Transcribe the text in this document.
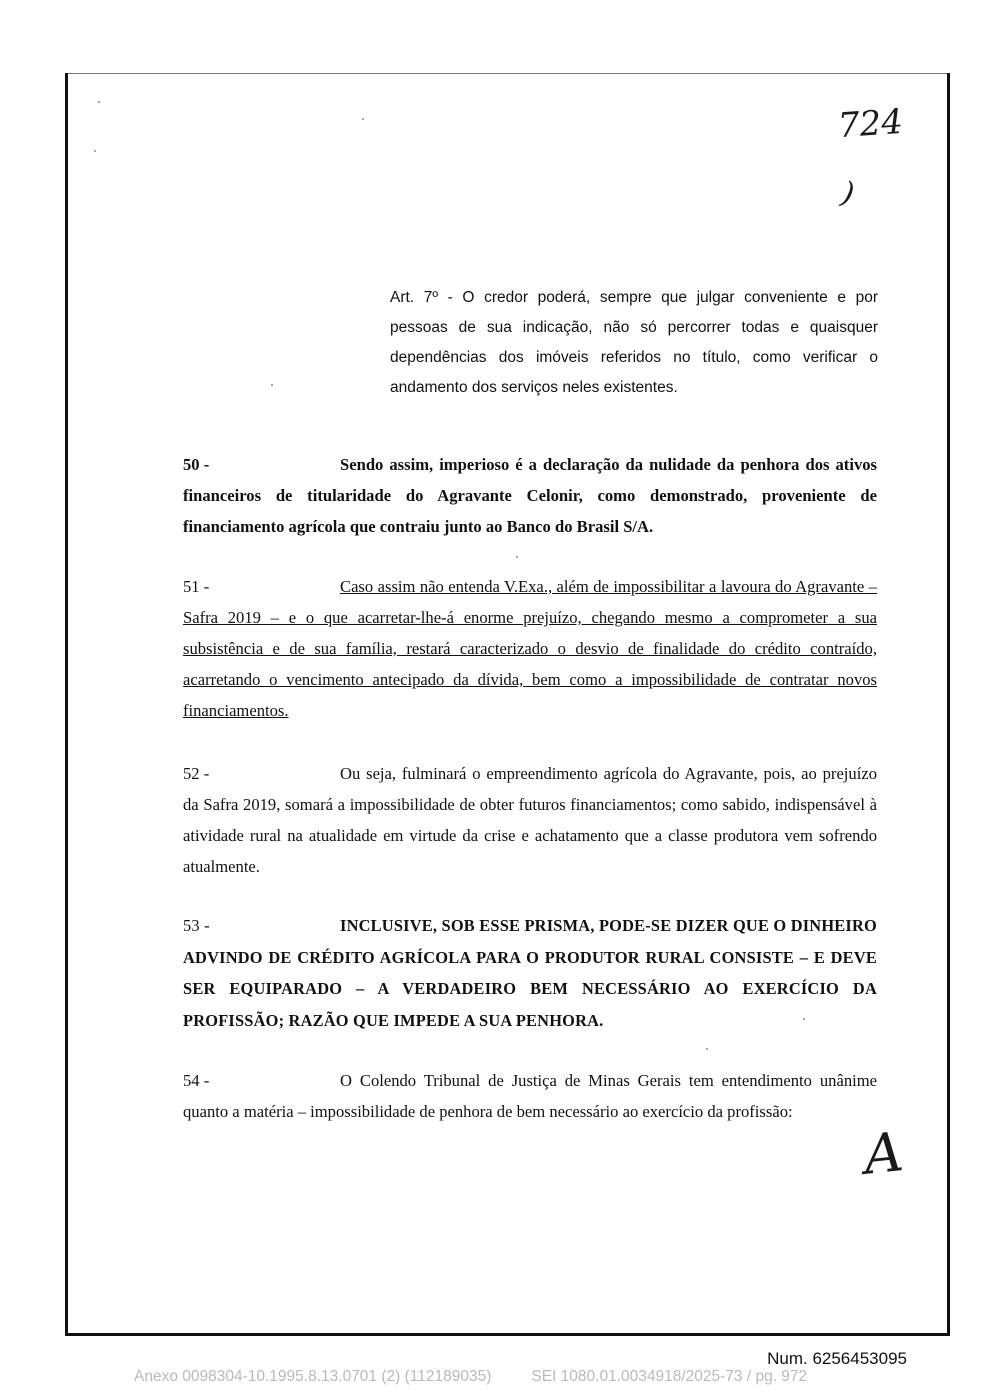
724
)
Art. 7º - O credor poderá, sempre que julgar conveniente e por pessoas de sua indicação, não só percorrer todas e quaisquer dependências dos imóveis referidos no título, como verificar o andamento dos serviços neles existentes.
50 -	Sendo assim, imperioso é a declaração da nulidade da penhora dos ativos financeiros de titularidade do Agravante Celonir, como demonstrado, proveniente de financiamento agrícola que contraiu junto ao Banco do Brasil S/A.
51 -	Caso assim não entenda V.Exa., além de impossibilitar a lavoura do Agravante – Safra 2019 – e o que acarretar-lhe-á enorme prejuízo, chegando mesmo a comprometer a sua subsistência e de sua família, restará caracterizado o desvio de finalidade do crédito contraído, acarretando o vencimento antecipado da dívida, bem como a impossibilidade de contratar novos financiamentos.
52 -	Ou seja, fulminará o empreendimento agrícola do Agravante, pois, ao prejuízo da Safra 2019, somará a impossibilidade de obter futuros financiamentos; como sabido, indispensável à atividade rural na atualidade em virtude da crise e achatamento que a classe produtora vem sofrendo atualmente.
53 -	INCLUSIVE, SOB ESSE PRISMA, PODE-SE DIZER QUE O DINHEIRO ADVINDO DE CRÉDITO AGRÍCOLA PARA O PRODUTOR RURAL CONSISTE – E DEVE SER EQUIPARADO – A VERDADEIRO BEM NECESSÁRIO AO EXERCÍCIO DA PROFISSÃO; RAZÃO QUE IMPEDE A SUA PENHORA.
54 -	O Colendo Tribunal de Justiça de Minas Gerais tem entendimento unânime quanto a matéria – impossibilidade de penhora de bem necessário ao exercício da profissão:
A
Num. 6256453095
Anexo 0098304-10.1995.8.13.0701 (2) (112189035)	SEI 1080.01.0034918/2025-73 / pg. 972
